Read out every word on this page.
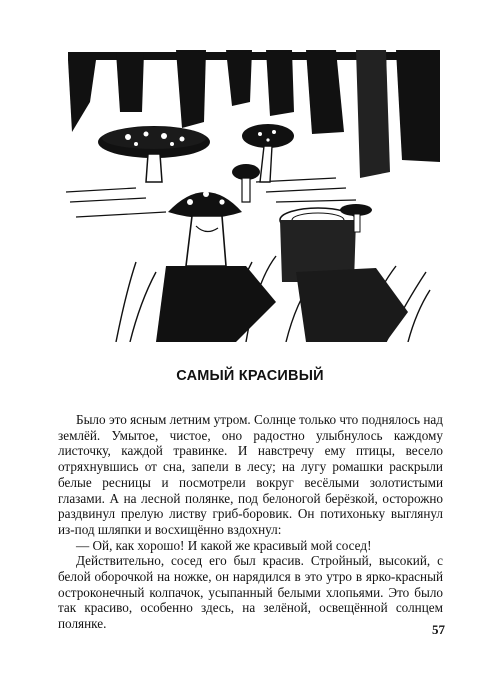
САМЫЙ КРАСИВЫЙ

Было это ясным летним утром. Солнце только что поднялось над землёй. Умытое, чистое, оно радостно улыбнулось каждому листочку, каждой травинке. И навстречу ему птицы, весело отряхнувшись от сна, запели в лесу; на лугу ромашки раскрыли белые ресницы и посмотрели вокруг весёлыми золотистыми глазами. А на лесной полянке, под белоногой берёзкой, осторожно раздвинул прелую листву гриб-боровик. Он потихоньку выглянул из-под шляпки и восхищённо вздохнул:

— Ой, как хорошо! И какой же красивый мой сосед!

Действительно, сосед его был красив. Стройный, высокий, с белой оборочкой на ножке, он нарядился в это утро в ярко-красный остроконечный колпачок, усыпанный белыми хлопьями. Это было так красиво, особенно здесь, на зелёной, освещённой солнцем полянке.	57
